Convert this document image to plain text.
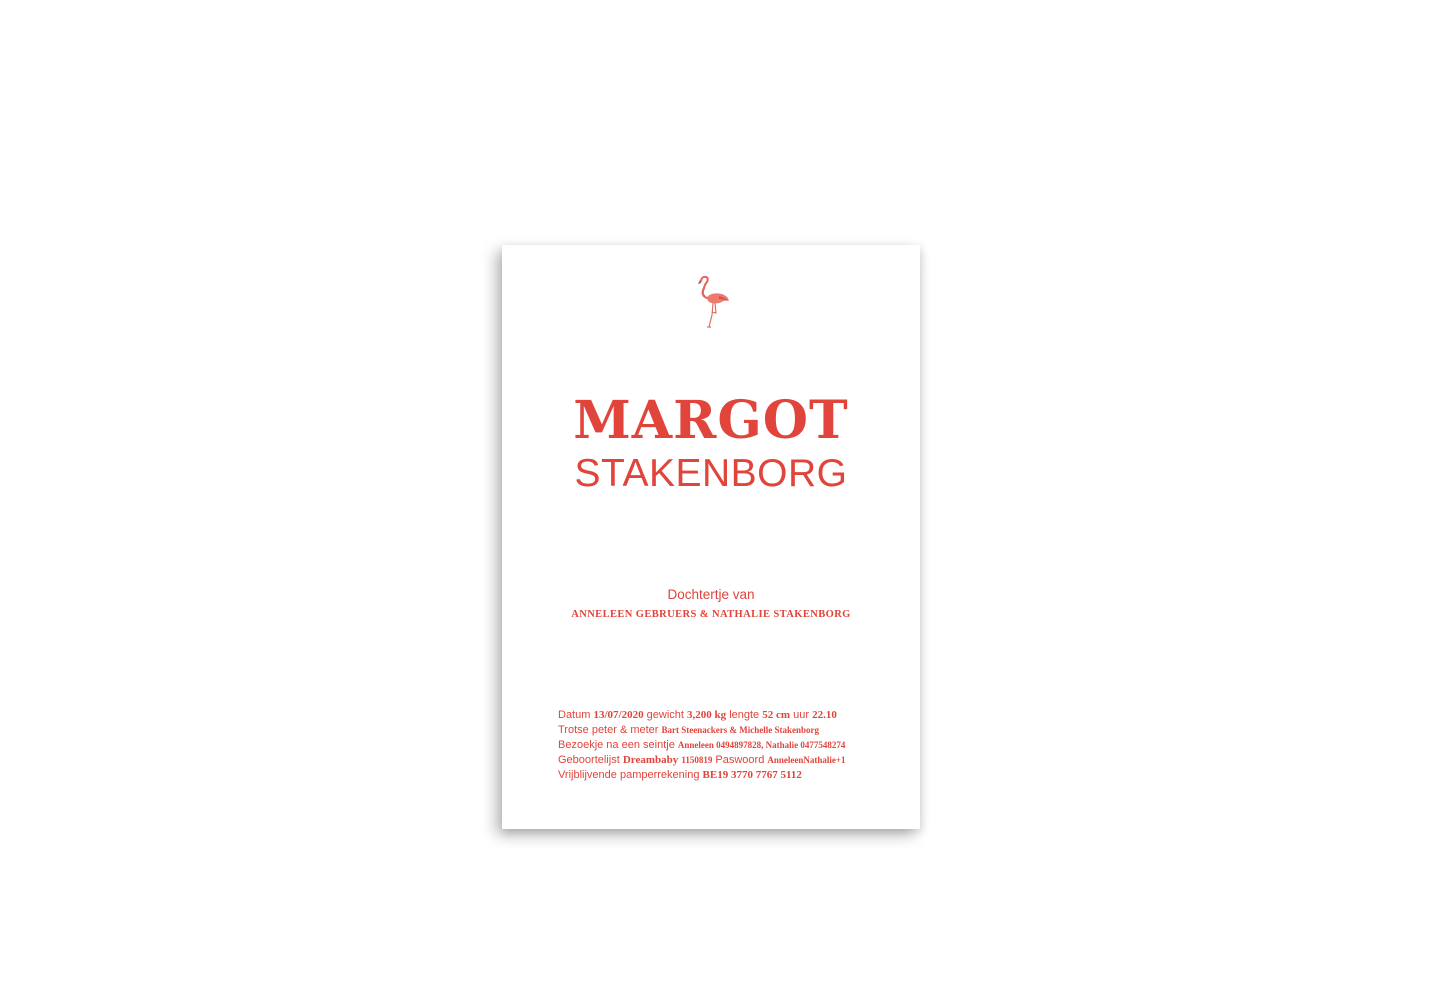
MARGOT
STAKENBORG
Dochtertje van
ANNELEEN GEBRUERS & NATHALIE STAKENBORG
Datum 13/07/2020 gewicht 3,200 kg lengte 52 cm uur 22.10
Trotse peter & meter Bart Steenackers & Michelle Stakenborg
Bezoekje na een seintje Anneleen 0494897828, Nathalie 0477548274
Geboortelijst Dreambaby 1150819 Paswoord AnneleenNathalie+1
Vrijblijvende pamperrekening BE19 3770 7767 5112
